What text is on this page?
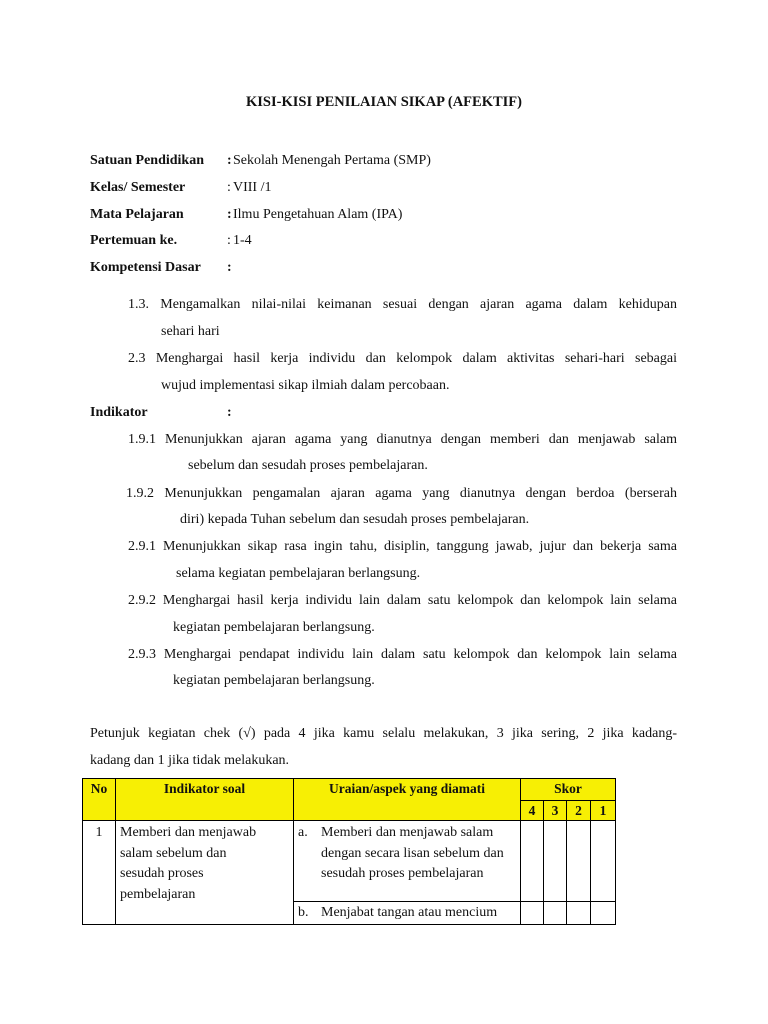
KISI-KISI PENILAIAN SIKAP (AFEKTIF)
Satuan Pendidikan : Sekolah Menengah Pertama (SMP)
Kelas/ Semester	: VIII /1
Mata Pelajaran	: Ilmu Pengetahuan Alam (IPA)
Pertemuan ke.	: 1-4
Kompetensi Dasar :
1.3. Mengamalkan nilai-nilai keimanan sesuai dengan ajaran agama dalam kehidupan
sehari hari
2.3 Menghargai hasil kerja individu dan kelompok dalam aktivitas sehari-hari sebagai
wujud implementasi sikap ilmiah dalam percobaan.
Indikator	:
1.9.1 Menunjukkan ajaran agama yang dianutnya dengan memberi dan menjawab salam
sebelum dan sesudah proses pembelajaran.
1.9.2 Menunjukkan pengamalan ajaran agama yang dianutnya dengan berdoa (berserah
diri) kepada Tuhan sebelum dan sesudah proses pembelajaran.
2.9.1 Menunjukkan sikap rasa ingin tahu, disiplin, tanggung jawab, jujur dan bekerja sama
selama kegiatan pembelajaran berlangsung.
2.9.2 Menghargai hasil kerja individu lain dalam satu kelompok dan kelompok lain selama
kegiatan pembelajaran berlangsung.
2.9.3 Menghargai pendapat individu lain dalam satu kelompok dan kelompok lain selama
kegiatan pembelajaran berlangsung.
Petunjuk kegiatan chek (√) pada 4 jika kamu selalu melakukan, 3 jika sering, 2 jika kadang-
kadang dan 1 jika tidak melakukan.
No	Indikator soal	Uraian/aspek yang diamati	Skor			
			4	3	2	1

1	Memberi dan menjawab salam sebelum dan sesudah proses pembelajaran	a. Memberi dan menjawab salam dengan secara lisan sebelum dan sesudah proses pembelajaran				

		b. Menjabat tangan atau mencium				
